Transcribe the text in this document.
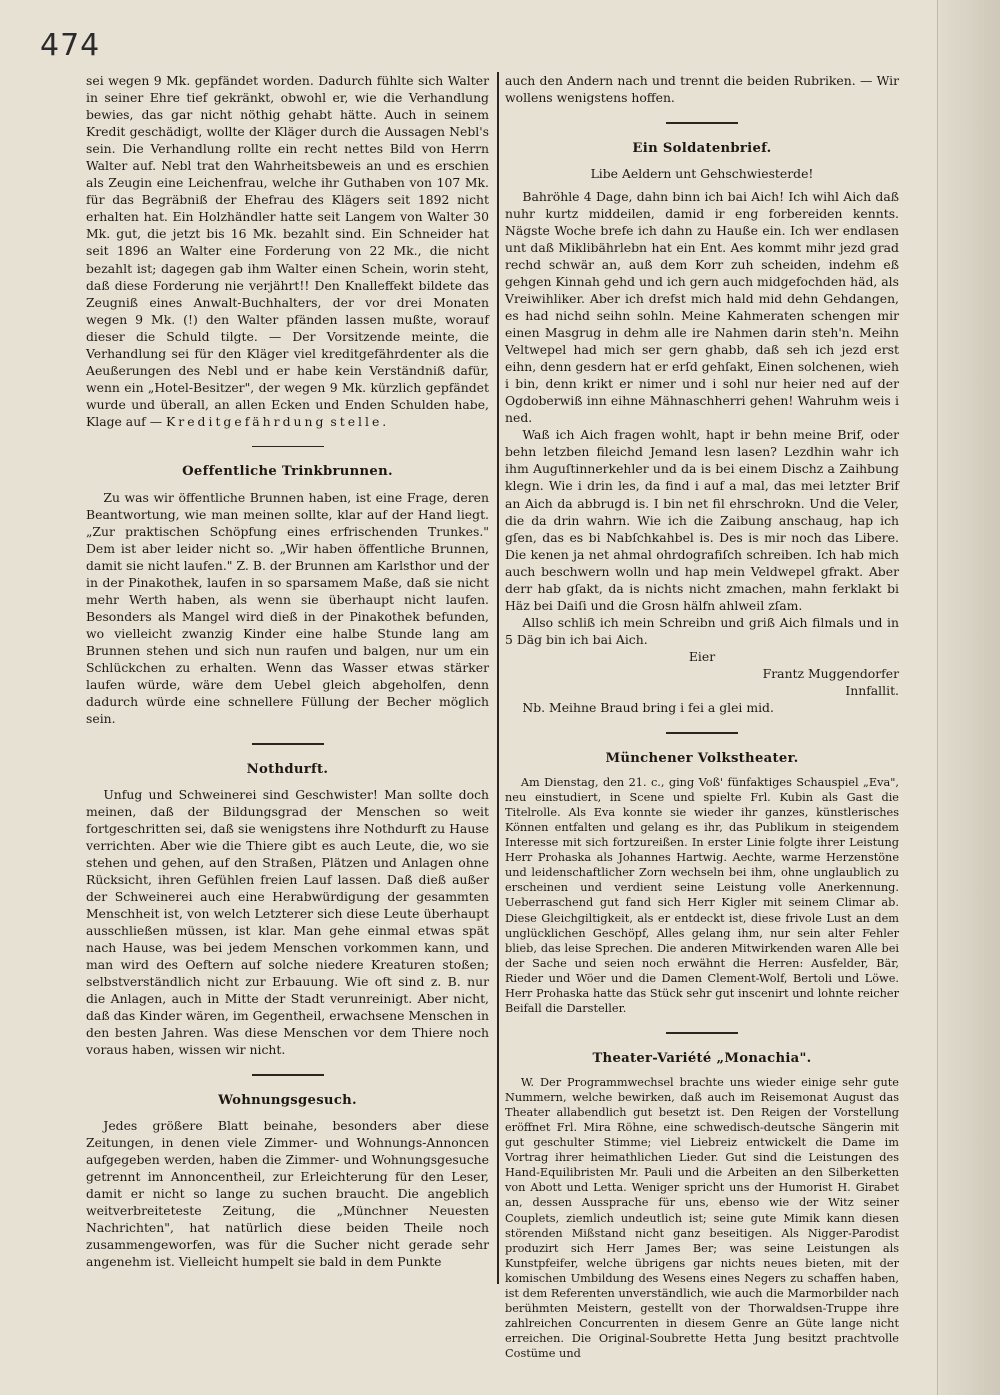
474

sei wegen 9 Mk. gepfändet worden. Dadurch fühlte sich Walter in seiner Ehre tief gekränkt, obwohl er, wie die Verhandlung bewies, das gar nicht nöthig gehabt hätte. Auch in seinem Kredit geschädigt, wollte der Kläger durch die Aussagen Nebl's sein. Die Verhandlung rollte ein recht nettes Bild von Herrn Walter auf. Nebl trat den Wahrheitsbeweis an und es erschien als Zeugin eine Leichenfrau, welche ihr Guthaben von 107 Mk. für das Begräbniß der Ehefrau des Klägers seit 1892 nicht erhalten hat. Ein Holzhändler hatte seit Langem von Walter 30 Mk. gut, die jetzt bis 16 Mk. bezahlt sind. Ein Schneider hat seit 1896 an Walter eine Forderung von 22 Mk., die nicht bezahlt ist; dagegen gab ihm Walter einen Schein, worin steht, daß diese Forderung nie verjährt!! Den Knalleffekt bildete das Zeugniß eines Anwalt-Buchhalters, der vor drei Monaten wegen 9 Mk. (!) den Walter pfänden lassen mußte, worauf dieser die Schuld tilgte. — Der Vorsitzende meinte, die Verhandlung sei für den Kläger viel kreditgefährdenter als die Aeußerungen des Nebl und er habe kein Verständniß dafür, wenn ein „Hotel-Besitzer", der wegen 9 Mk. kürzlich gepfändet wurde und überall, an allen Ecken und Enden Schulden habe, Klage auf — Kreditgefährdung stelle.

Oeffentliche Trinkbrunnen.

Zu was wir öffentliche Brunnen haben, ist eine Frage, deren Beantwortung, wie man meinen sollte, klar auf der Hand liegt. „Zur praktischen Schöpfung eines erfrischenden Trunkes." Dem ist aber leider nicht so. „Wir haben öffentliche Brunnen, damit sie nicht laufen." Z. B. der Brunnen am Karlsthor und der in der Pinakothek, laufen in so sparsamem Maße, daß sie nicht mehr Werth haben, als wenn sie überhaupt nicht laufen. Besonders als Mangel wird dieß in der Pinakothek befunden, wo vielleicht zwanzig Kinder eine halbe Stunde lang am Brunnen stehen und sich nun raufen und balgen, nur um ein Schlückchen zu erhalten. Wenn das Wasser etwas stärker laufen würde, wäre dem Uebel gleich abgeholfen, denn dadurch würde eine schnellere Füllung der Becher möglich sein.

Nothdurft.

Unfug und Schweinerei sind Geschwister! Man sollte doch meinen, daß der Bildungsgrad der Menschen so weit fortgeschritten sei, daß sie wenigstens ihre Nothdurft zu Hause verrichten. Aber wie die Thiere gibt es auch Leute, die, wo sie stehen und gehen, auf den Straßen, Plätzen und Anlagen ohne Rücksicht, ihren Gefühlen freien Lauf lassen. Daß dieß außer der Schweinerei auch eine Herabwürdigung der gesammten Menschheit ist, von welch Letzterer sich diese Leute überhaupt ausschließen müssen, ist klar. Man gehe einmal etwas spät nach Hause, was bei jedem Menschen vorkommen kann, und man wird des Oeftern auf solche niedere Kreaturen stoßen; selbstverständlich nicht zur Erbauung. Wie oft sind z. B. nur die Anlagen, auch in Mitte der Stadt verunreinigt. Aber nicht, daß das Kinder wären, im Gegentheil, erwachsene Menschen in den besten Jahren. Was diese Menschen vor dem Thiere noch voraus haben, wissen wir nicht.

Wohnungsgesuch.

Jedes größere Blatt beinahe, besonders aber diese Zeitungen, in denen viele Zimmer- und Wohnungs-Annoncen aufgegeben werden, haben die Zimmer- und Wohnungsgesuche getrennt im Annoncentheil, zur Erleichterung für den Leser, damit er nicht so lange zu suchen braucht. Die angeblich weitverbreiteteste Zeitung, die „Münchner Neuesten Nachrichten", hat natürlich diese beiden Theile noch zusammengeworfen, was für die Sucher nicht gerade sehr angenehm ist. Vielleicht humpelt sie bald in dem Punkte

auch den Andern nach und trennt die beiden Rubriken. — Wir wollens wenigstens hoffen.

Ein Soldatenbrief.
Libe Aeldern unt Gehschwiesterde!

Bahröhle 4 Dage, dahn binn ich bai Aich! Ich wihl Aich daß nuhr kurtz middeilen, damid ir eng forbereiden kennts. Nägste Woche brefe ich dahn zu Hauße ein. Ich wer endlasen unt daß Miklibährlebn hat ein Ent. Aes kommt mihr jezd grad rechd schwär an, auß dem Korr zuh scheiden, indehm eß gehgen Kinnah gehd und ich gern auch midgefochden häd, als Vreiwihliker. Aber ich drefst mich hald mid dehn Gehdangen, es had nichd seihn sohln. Meine Kahmeraten schengen mir einen Masgrug in dehm alle ire Nahmen darin steh'n. Meihn Veltwepel had mich ser gern ghabb, daß seh ich jezd erst eihn, denn gesdern hat er erſd gehſakt, Einen solchenen, wieh i bin, denn krikt er nimer und i sohl nur heier ned auf der Ogdoberwiß inn eihne Mähnaschherri gehen! Wahruhm weis i ned.

Waß ich Aich fragen wohlt, hapt ir behn meine Brif, oder behn letzben fileichd Jemand lesn lasen? Lezdhin wahr ich ihm Auguſtinnerkehler und da is bei einem Dischz a Zaihbung klegn. Wie i drin les, da find i auf a mal, das mei letzter Brif an Aich da abbrugd is. I bin net fil ehrschrokn. Und die Veler, die da drin wahrn. Wie ich die Zaibung anschaug, hap ich gſen, das es bi Nabſchkahbel is. Des is mir noch das Libere. Die kenen ja net ahmal ohrdografiſch schreiben. Ich hab mich auch beschwern wolln und hap mein Veldwepel gfrakt. Aber derr hab gſakt, da is nichts nicht zmachen, mahn ferklakt bi Häz bei Daiſi und die Grosn hälfn ahlweil zſam.

Allso schliß ich mein Schreibn und griß Aich filmals und in 5 Däg bin ich bai Aich.

Eier
Frantz Muggendorfer
Innfallit.

Nb. Meihne Braud bring i fei a glei mid.

Münchener Volkstheater.

Am Dienstag, den 21. c., ging Voß' fünfaktiges Schauspiel „Eva", neu einstudiert, in Scene und spielte Frl. Kubin als Gast die Titelrolle. Als Eva konnte sie wieder ihr ganzes, künstlerisches Können entfalten und gelang es ihr, das Publikum in steigendem Interesse mit sich fortzureißen. In erster Linie folgte ihrer Leistung Herr Prohaska als Johannes Hartwig. Aechte, warme Herzenstöne und leidenschaftlicher Zorn wechseln bei ihm, ohne unglaublich zu erscheinen und verdient seine Leistung volle Anerkennung. Ueberraschend gut fand sich Herr Kigler mit seinem Climar ab. Diese Gleichgiltigkeit, als er entdeckt ist, diese frivole Lust an dem unglücklichen Geschöpf, Alles gelang ihm, nur sein alter Fehler blieb, das leise Sprechen. Die anderen Mitwirkenden waren Alle bei der Sache und seien noch erwähnt die Herren: Ausfelder, Bär, Rieder und Wöer und die Damen Clement-Wolf, Bertoli und Löwe. Herr Prohaska hatte das Stück sehr gut inscenirt und lohnte reicher Beifall die Darsteller.

Theater-Variété „Monachia".

W. Der Programmwechsel brachte uns wieder einige sehr gute Nummern, welche bewirken, daß auch im Reisemonat August das Theater allabendlich gut besetzt ist. Den Reigen der Vorstellung eröffnet Frl. Mira Röhne, eine schwedisch-deutsche Sängerin mit gut geschulter Stimme; viel Liebreiz entwickelt die Dame im Vortrag ihrer heimathlichen Lieder. Gut sind die Leistungen des Hand-Equilibristen Mr. Pauli und die Arbeiten an den Silberketten von Abott und Letta. Weniger spricht uns der Humorist H. Girabet an, dessen Aussprache für uns, ebenso wie der Witz seiner Couplets, ziemlich undeutlich ist; seine gute Mimik kann diesen störenden Mißstand nicht ganz beseitigen. Als Nigger-Parodist produzirt sich Herr James Ber; was seine Leistungen als Kunstpfeifer, welche übrigens gar nichts neues bieten, mit der komischen Umbildung des Wesens eines Negers zu schaffen haben, ist dem Referenten unverständlich, wie auch die Marmorbilder nach berühmten Meistern, gestellt von der Thorwaldsen-Truppe ihre zahlreichen Concurrenten in diesem Genre an Güte lange nicht erreichen. Die Original-Soubrette Hetta Jung besitzt prachtvolle Costüme und
